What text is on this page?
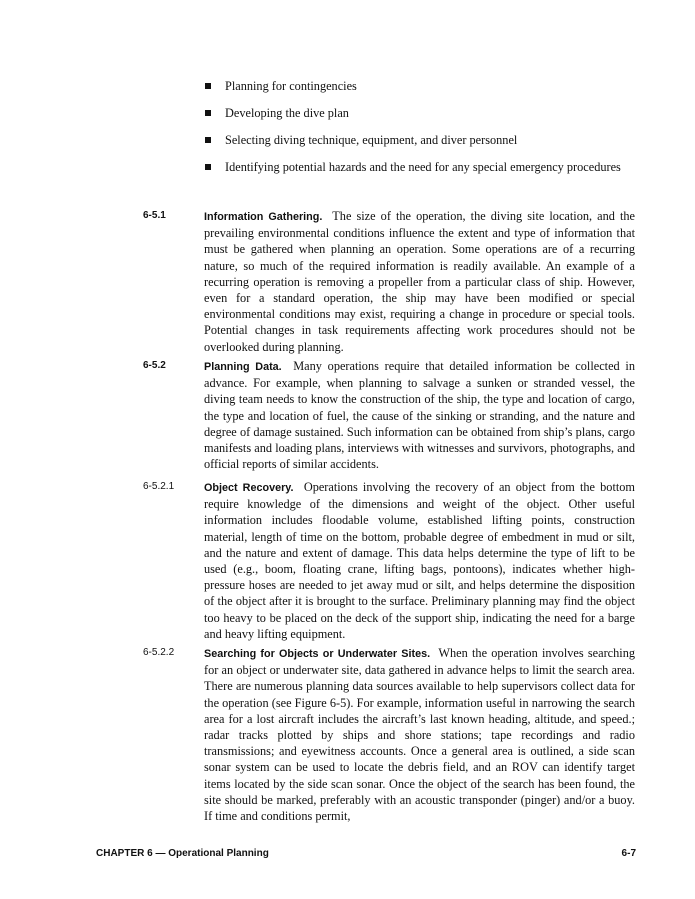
Planning for contingencies
Developing the dive plan
Selecting diving technique, equipment, and diver personnel
Identifying potential hazards and the need for any special emergency procedures
6-5.1	Information Gathering. The size of the operation, the diving site location, and the prevailing environmental conditions influence the extent and type of information that must be gathered when planning an operation. Some operations are of a recurring nature, so much of the required information is readily available. An example of a recurring operation is removing a propeller from a particular class of ship. However, even for a standard operation, the ship may have been modified or special environmental conditions may exist, requiring a change in procedure or special tools. Potential changes in task requirements affecting work procedures should not be overlooked during planning.
6-5.2	Planning Data. Many operations require that detailed information be collected in advance. For example, when planning to salvage a sunken or stranded vessel, the diving team needs to know the construction of the ship, the type and location of cargo, the type and location of fuel, the cause of the sinking or stranding, and the nature and degree of damage sustained. Such information can be obtained from ship’s plans, cargo manifests and loading plans, interviews with witnesses and survivors, photographs, and official reports of similar accidents.
6-5.2.1	Object Recovery. Operations involving the recovery of an object from the bottom require knowledge of the dimensions and weight of the object. Other useful information includes floodable volume, established lifting points, construction material, length of time on the bottom, probable degree of embedment in mud or silt, and the nature and extent of damage. This data helps determine the type of lift to be used (e.g., boom, floating crane, lifting bags, pontoons), indicates whether high-pressure hoses are needed to jet away mud or silt, and helps determine the disposition of the object after it is brought to the surface. Preliminary planning may find the object too heavy to be placed on the deck of the support ship, indicating the need for a barge and heavy lifting equipment.
6-5.2.2	Searching for Objects or Underwater Sites. When the operation involves searching for an object or underwater site, data gathered in advance helps to limit the search area. There are numerous planning data sources available to help supervisors collect data for the operation (see Figure 6-5). For example, information useful in narrowing the search area for a lost aircraft includes the aircraft’s last known heading, altitude, and speed.; radar tracks plotted by ships and shore stations; tape recordings and radio transmissions; and eyewitness accounts. Once a general area is outlined, a side scan sonar system can be used to locate the debris field, and an ROV can identify target items located by the side scan sonar. Once the object of the search has been found, the site should be marked, preferably with an acoustic transponder (pinger) and/or a buoy. If time and conditions permit,
CHAPTER 6 — Operational Planning	6-7
